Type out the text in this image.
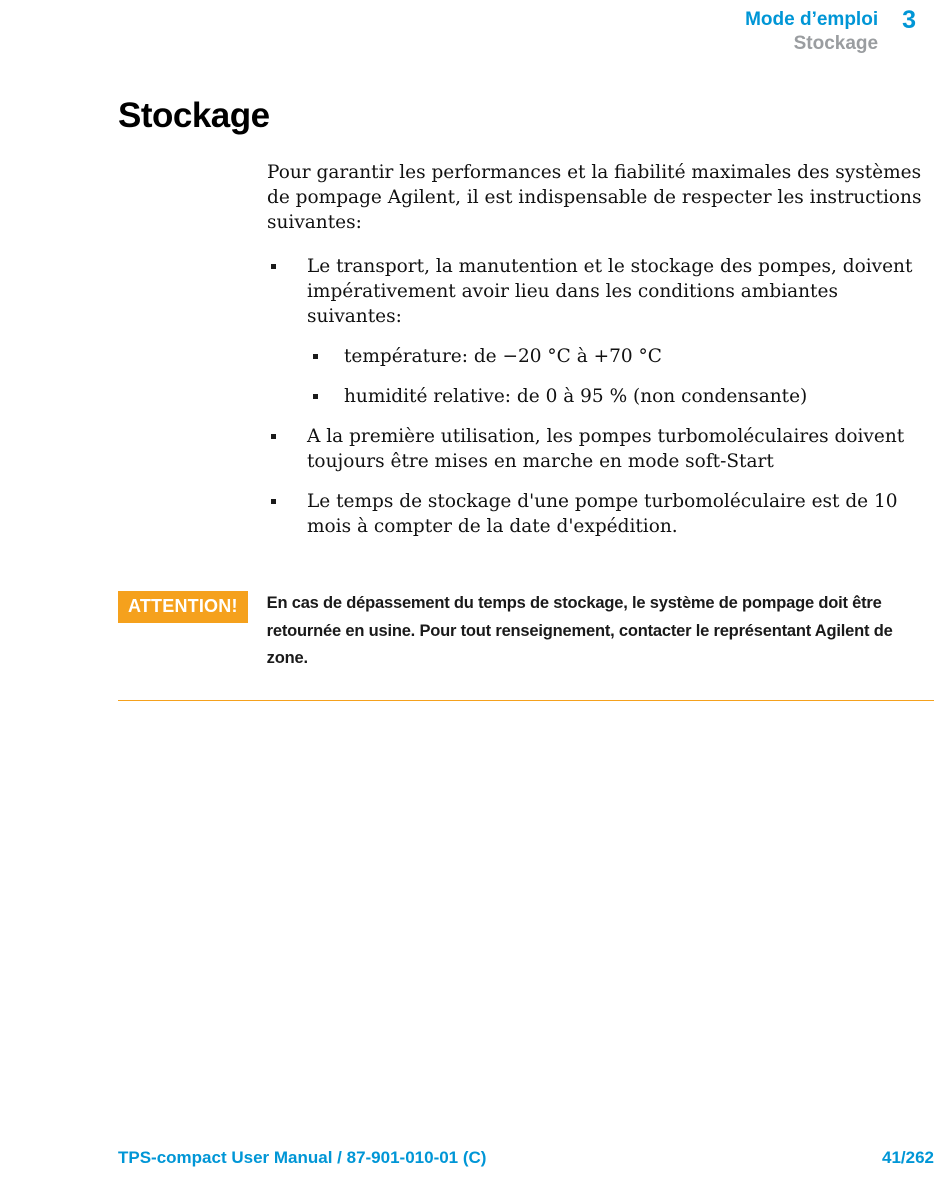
Mode d’emploi
Stockage
3
Stockage

Pour garantir les performances et la fiabilité maximales des systèmes de pompage Agilent, il est indispensable de respecter les instructions suivantes:

Le transport, la manutention et le stockage des pompes, doivent impérativement avoir lieu dans les conditions ambiantes suivantes:
température: de −20 °C à +70 °C
humidité relative: de 0 à 95 % (non condensante)
A la première utilisation, les pompes turbomoléculaires doivent toujours être mises en marche en mode soft-Start
Le temps de stockage d'une pompe turbomoléculaire est de 10 mois à compter de la date d'expédition.
ATTENTION!	En cas de dépassement du temps de stockage, le système de pompage doit être retournée en usine. Pour tout renseignement, contacter le représentant Agilent de zone.
TPS-compact User Manual / 87-901-010-01 (C)	41/262
